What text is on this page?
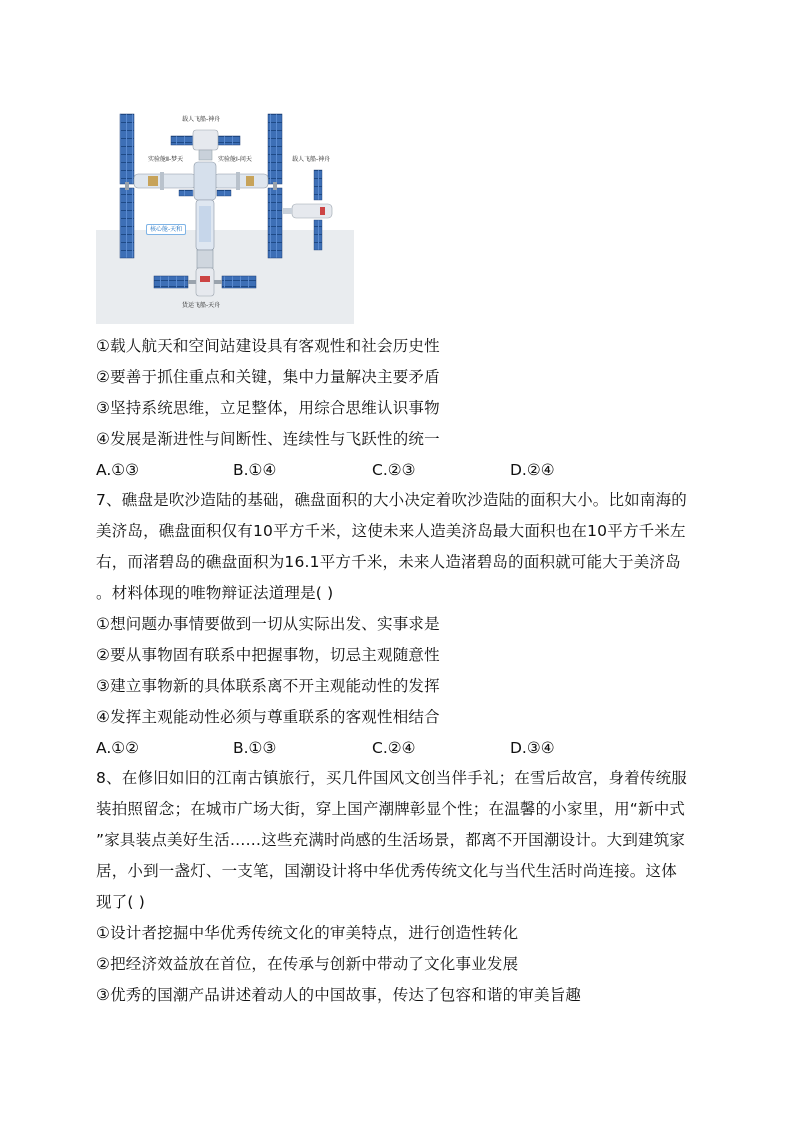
载人飞船-神舟
实验舱Ⅱ-梦天	实验舱Ⅰ-问天	载人飞船-神舟
核心舱-天和
货运飞船-天舟
①载人航天和空间站建设具有客观性和社会历史性
②要善于抓住重点和关键，集中力量解决主要矛盾
③坚持系统思维，立足整体，用综合思维认识事物
④发展是渐进性与间断性、连续性与飞跃性的统一
A.①③	B.①④	C.②③	D.②④
7、礁盘是吹沙造陆的基础，礁盘面积的大小决定着吹沙造陆的面积大小。比如南海的
美济岛，礁盘面积仅有10平方千米，这使未来人造美济岛最大面积也在10平方千米左
右，而渚碧岛的礁盘面积为16.1平方千米，未来人造渚碧岛的面积就可能大于美济岛
。材料体现的唯物辩证法道理是( )
①想问题办事情要做到一切从实际出发、实事求是
②要从事物固有联系中把握事物，切忌主观随意性
③建立事物新的具体联系离不开主观能动性的发挥
④发挥主观能动性必须与尊重联系的客观性相结合
A.①②	B.①③	C.②④	D.③④
8、在修旧如旧的江南古镇旅行，买几件国风文创当伴手礼；在雪后故宫，身着传统服
装拍照留念；在城市广场大街，穿上国产潮牌彰显个性；在温馨的小家里，用“新中式
”家具装点美好生活……这些充满时尚感的生活场景，都离不开国潮设计。大到建筑家
居，小到一盏灯、一支笔，国潮设计将中华优秀传统文化与当代生活时尚连接。这体
现了( )
①设计者挖掘中华优秀传统文化的审美特点，进行创造性转化
②把经济效益放在首位，在传承与创新中带动了文化事业发展
③优秀的国潮产品讲述着动人的中国故事，传达了包容和谐的审美旨趣
